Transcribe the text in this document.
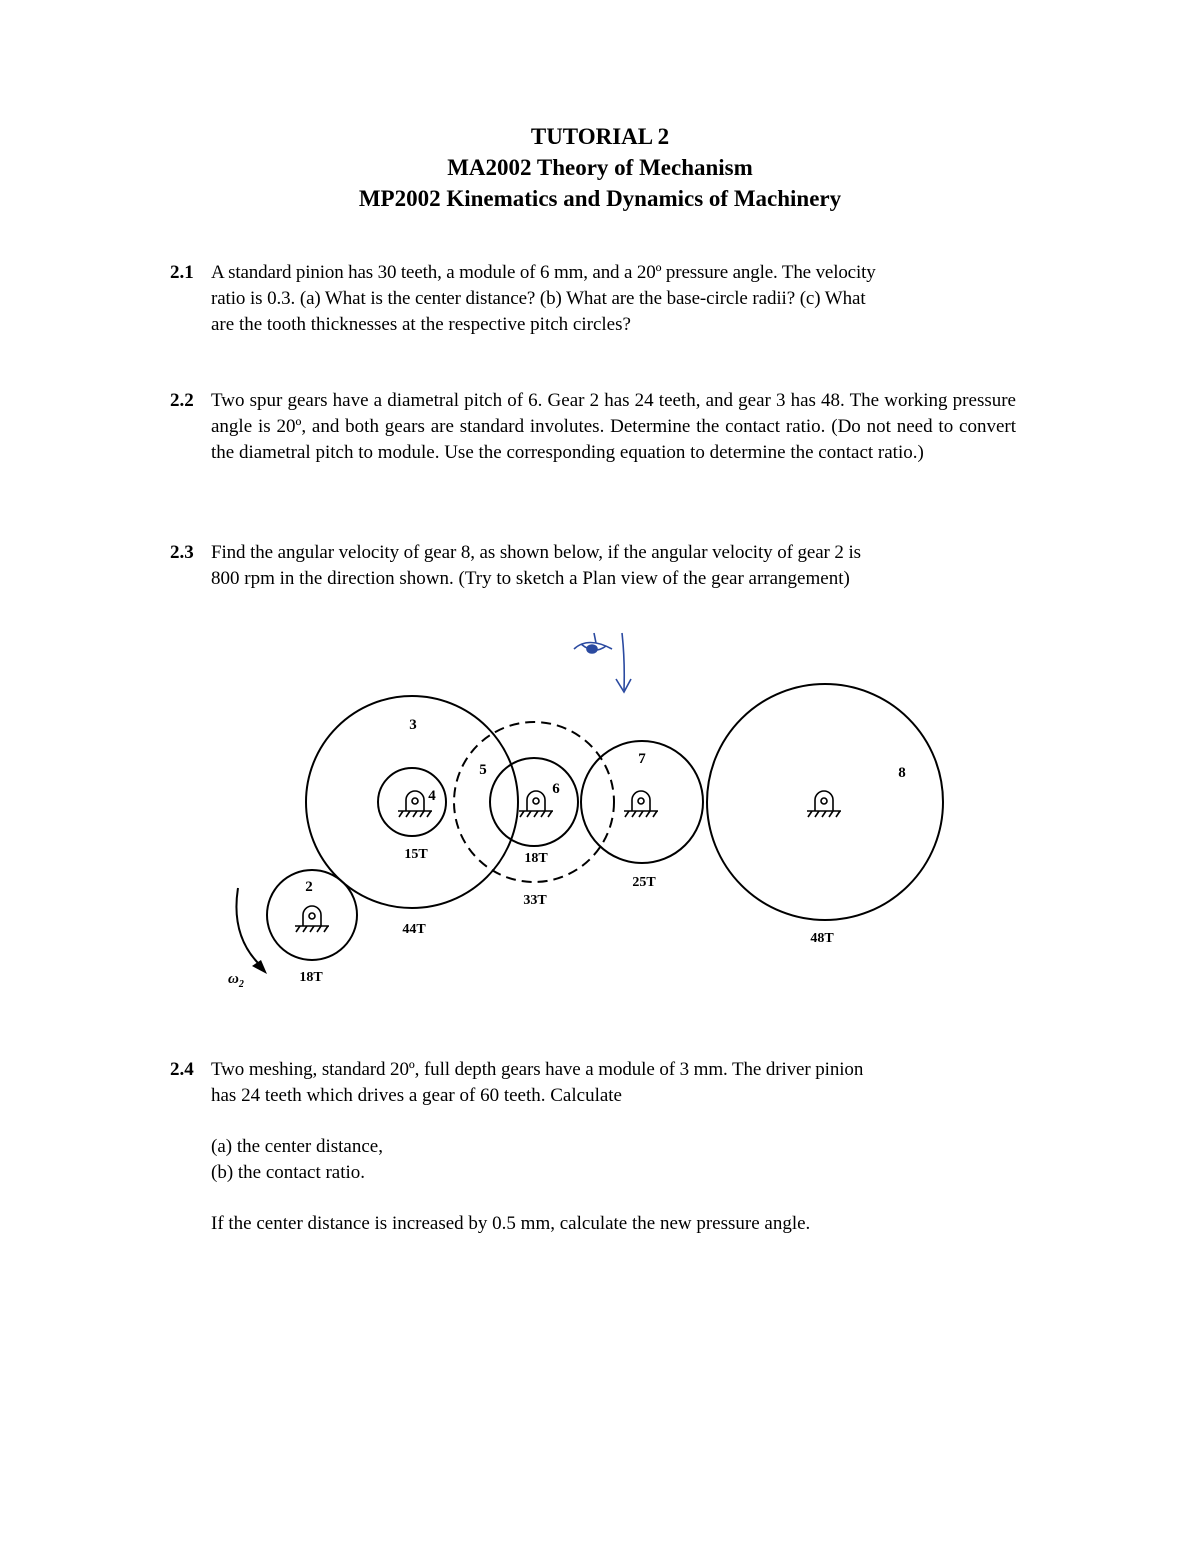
TUTORIAL 2
MA2002 Theory of Mechanism
MP2002 Kinematics and Dynamics of Machinery
2.1 A standard pinion has 30 teeth, a module of 6 mm, and a 20º pressure angle. The velocity
ratio is 0.3. (a) What is the center distance? (b) What are the base-circle radii? (c) What
are the tooth thicknesses at the respective pitch circles?
2.2 Two spur gears have a diametral pitch of 6. Gear 2 has 24 teeth, and gear 3 has 48. The working pressure angle is 20º, and both gears are standard involutes. Determine the contact ratio. (Do not need to convert the diametral pitch to module. Use the corresponding equation to determine the contact ratio.)

2.3 Find the angular velocity of gear 8, as shown below, if the angular velocity of gear 2 is
800 rpm in the direction shown. (Try to sketch a Plan view of the gear arrangement)
2
3
4
5
6
7
8
18T
44T
15T
33T
18T
25T
48T
$\omega_2$
2.4 Two meshing, standard 20º, full depth gears have a module of 3 mm. The driver pinion
has 24 teeth which drives a gear of 60 teeth. Calculate
(a) the center distance,
(b) the contact ratio.
If the center distance is increased by 0.5 mm, calculate the new pressure angle.
